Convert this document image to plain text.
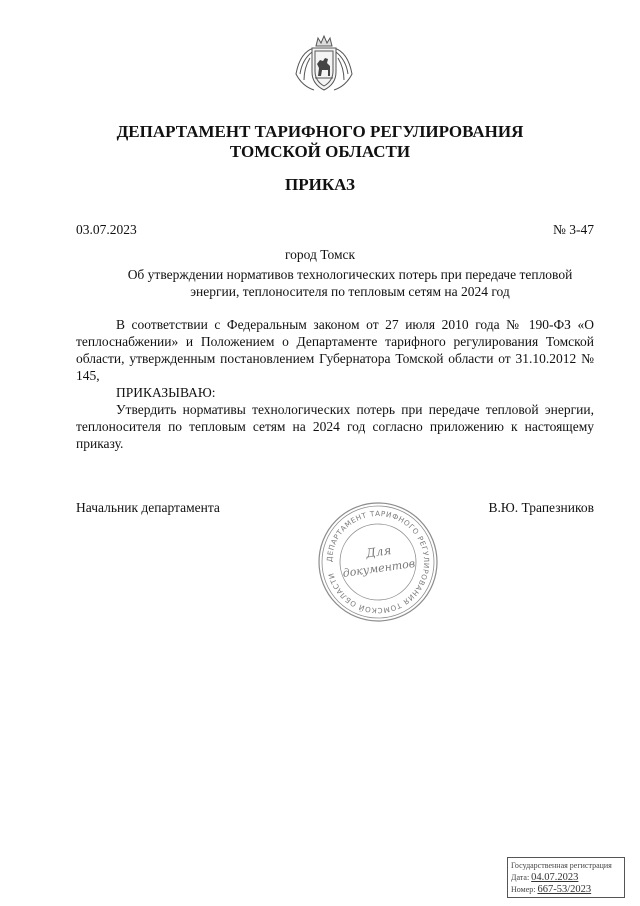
ДЕПАРТАМЕНТ ТАРИФНОГО РЕГУЛИРОВАНИЯ
ТОМСКОЙ ОБЛАСТИ
ПРИКАЗ
03.07.2023	№ 3-47
город Томск
Об утверждении нормативов технологических потерь при передаче тепловой
энергии, теплоносителя по тепловым сетям на 2024 год
В соответствии с Федеральным законом от 27 июля 2010 года № 190-ФЗ «О теплоснабжении» и Положением о Департаменте тарифного регулирования Томской области, утвержденным постановлением Губернатора Томской области от 31.10.2012 № 145,
ПРИКАЗЫВАЮ:
Утвердить нормативы технологических потерь при передаче тепловой энергии, теплоносителя по тепловым сетям на 2024 год согласно приложению к настоящему приказу.
Начальник департамента	В.Ю. Трапезников
ДЕПАРТАМЕНТ ТАРИФНОГО РЕГУЛИРОВАНИЯ ТОМСКОЙ ОБЛАСТИ
Для
документов
Государственная регистрация
Дата: 04.07.2023
Номер: 667-53/2023
